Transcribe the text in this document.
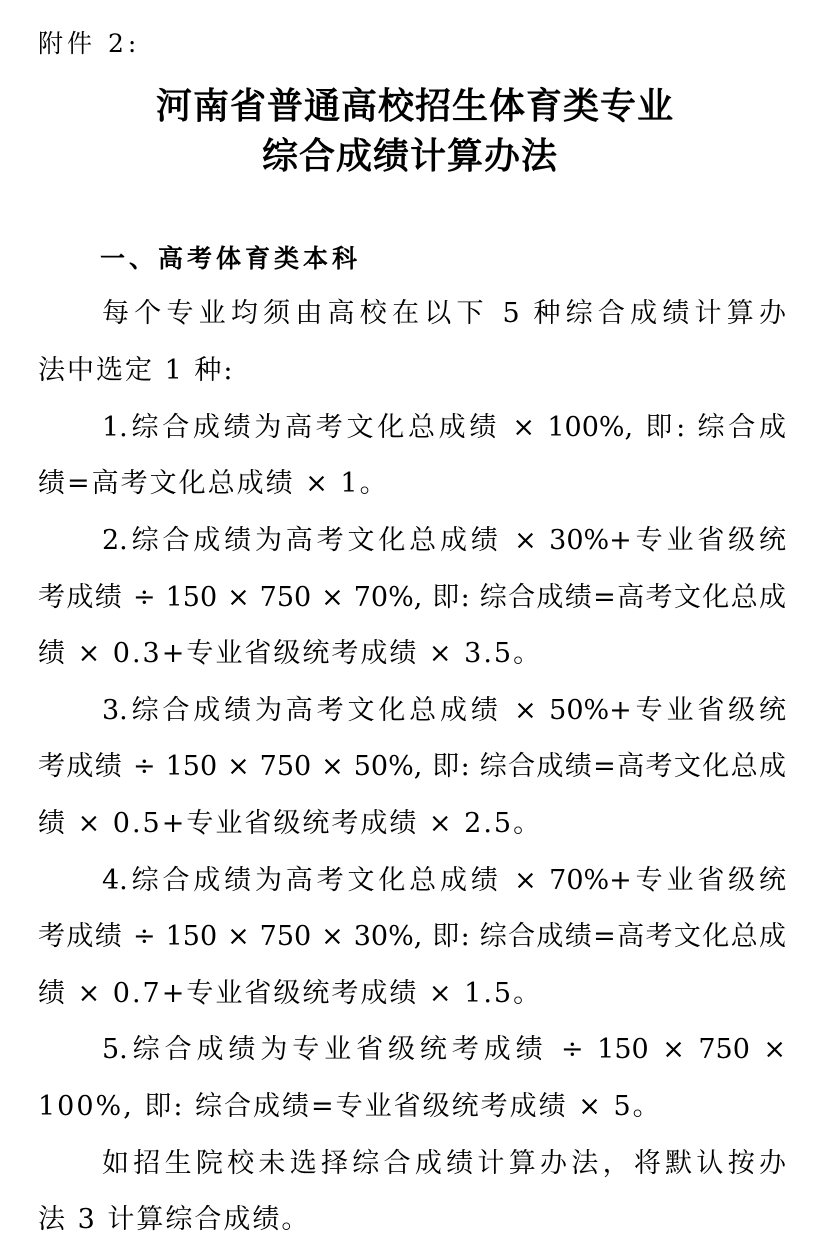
附件 2:
河南省普通高校招生体育类专业
综合成绩计算办法
一、高考体育类本科
每个专业均须由高校在以下 5 种综合成绩计算办
法中选定 1 种:
1.综合成绩为高考文化总成绩 × 100%, 即: 综合成
绩=高考文化总成绩 × 1。
2.综合成绩为高考文化总成绩 × 30%+专业省级统
考成绩 ÷ 150 × 750 × 70%, 即: 综合成绩=高考文化总成
绩 × 0.3+专业省级统考成绩 × 3.5。
3.综合成绩为高考文化总成绩 × 50%+专业省级统
考成绩 ÷ 150 × 750 × 50%, 即: 综合成绩=高考文化总成
绩 × 0.5+专业省级统考成绩 × 2.5。
4.综合成绩为高考文化总成绩 × 70%+专业省级统
考成绩 ÷ 150 × 750 × 30%, 即: 综合成绩=高考文化总成
绩 × 0.7+专业省级统考成绩 × 1.5。
5.综合成绩为专业省级统考成绩 ÷ 150 × 750 ×
100%, 即: 综合成绩=专业省级统考成绩 × 5。
如招生院校未选择综合成绩计算办法，将默认按办
法 3 计算综合成绩。
